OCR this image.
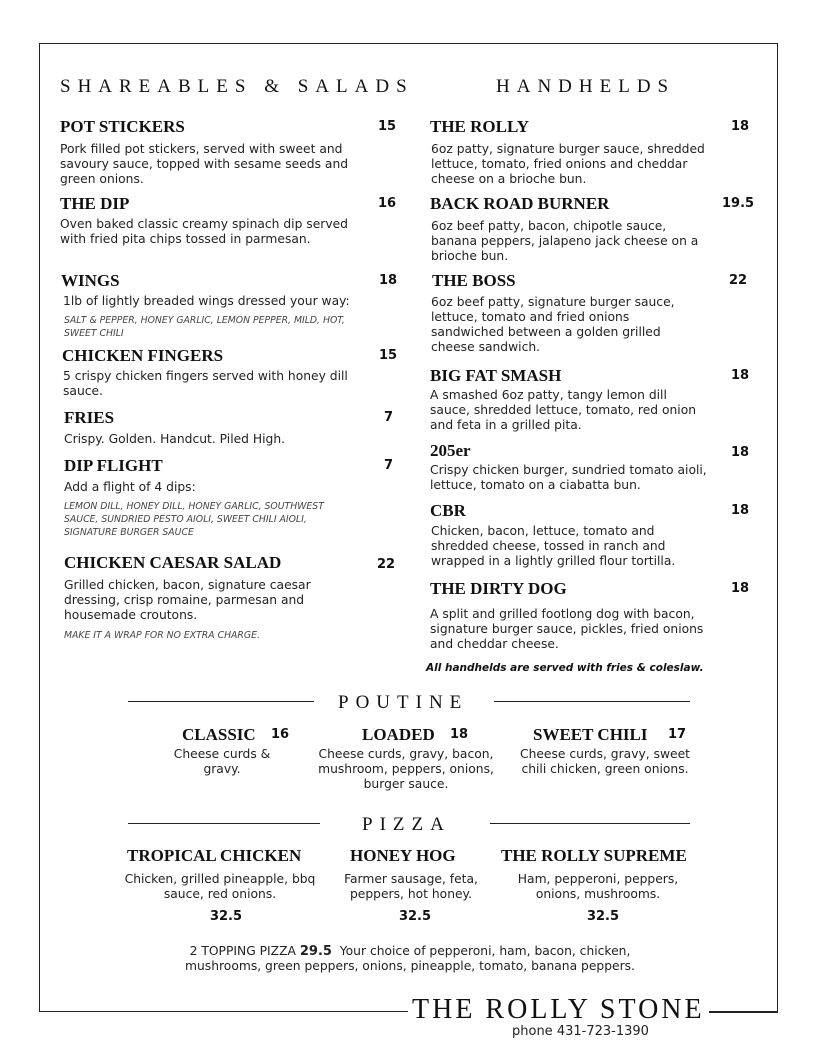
SHAREABLES & SALADS
POT STICKERS	15
Pork filled pot stickers, served with sweet and savoury sauce, topped with sesame seeds and green onions.
THE DIP	16
Oven baked classic creamy spinach dip served with fried pita chips tossed in parmesan.
WINGS	18
1lb of lightly breaded wings dressed your way:
SALT & PEPPER, HONEY GARLIC, LEMON PEPPER, MILD, HOT, SWEET CHILI
CHICKEN FINGERS	15
5 crispy chicken fingers served with honey dill sauce.
FRIES	7
Crispy. Golden. Handcut. Piled High.
DIP FLIGHT	7
Add a flight of 4 dips:
LEMON DILL, HONEY DILL, HONEY GARLIC, SOUTHWEST SAUCE, SUNDRIED PESTO AIOLI, SWEET CHILI AIOLI, SIGNATURE BURGER SAUCE
CHICKEN CAESAR SALAD	22
Grilled chicken, bacon, signature caesar dressing, crisp romaine, parmesan and housemade croutons.
MAKE IT A WRAP FOR NO EXTRA CHARGE.
HANDHELDS
THE ROLLY	18
6oz patty, signature burger sauce, shredded lettuce, tomato, fried onions and cheddar cheese on a brioche bun.
BACK ROAD BURNER	19.5
6oz beef patty, bacon, chipotle sauce, banana peppers, jalapeno jack cheese on a brioche bun.
THE BOSS	22
6oz beef patty, signature burger sauce, lettuce, tomato and fried onions sandwiched between a golden grilled cheese sandwich.
BIG FAT SMASH	18
A smashed 6oz patty, tangy lemon dill sauce, shredded lettuce, tomato, red onion and feta in a grilled pita.
205er	18
Crispy chicken burger, sundried tomato aioli, lettuce, tomato on a ciabatta bun.
CBR	18
Chicken, bacon, lettuce, tomato and shredded cheese, tossed in ranch and wrapped in a lightly grilled flour tortilla.
THE DIRTY DOG	18
A split and grilled footlong dog with bacon, signature burger sauce, pickles, fried onions and cheddar cheese.
All handhelds are served with fries & coleslaw.
POUTINE
CLASSIC 16
Cheese curds & gravy.
LOADED 18
Cheese curds, gravy, bacon, mushroom, peppers, onions, burger sauce.
SWEET CHILI 17
Cheese curds, gravy, sweet chili chicken, green onions.
PIZZA
TROPICAL CHICKEN
Chicken, grilled pineapple, bbq sauce, red onions.
32.5
HONEY HOG
Farmer sausage, feta, peppers, hot honey.
32.5
THE ROLLY SUPREME
Ham, pepperoni, peppers, onions, mushrooms.
32.5
2 TOPPING PIZZA 29.5 Your choice of pepperoni, ham, bacon, chicken, mushrooms, green peppers, onions, pineapple, tomato, banana peppers.
THE ROLLY STONE
phone 431-723-1390
